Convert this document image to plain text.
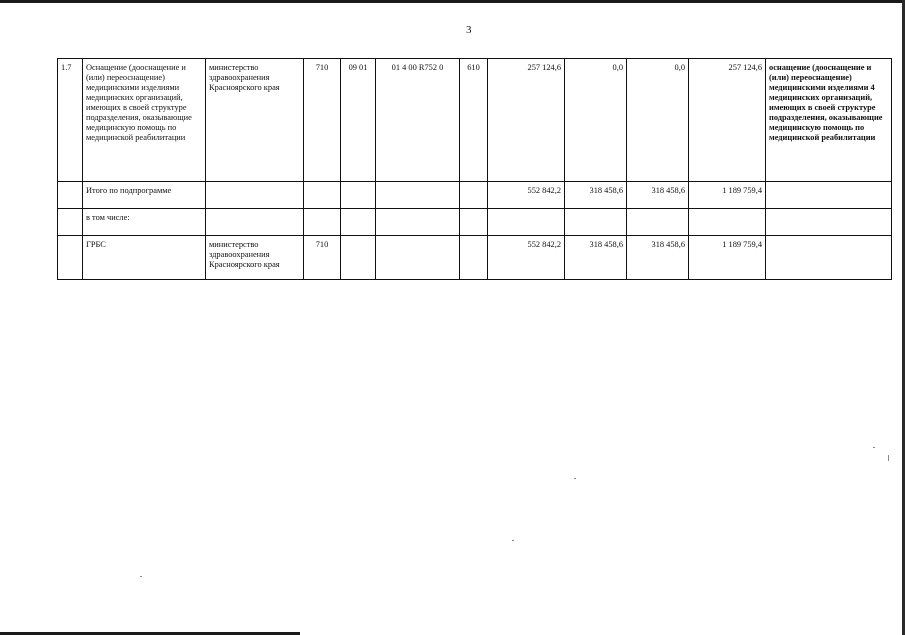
3
1.7	Оснащение (дооснащение и (или) переоснащение) медицинскими изделиями медицинских организаций, имеющих в своей структуре подразделения, оказывающие медицинскую помощь по медицинской реабилитации	министерство здравоохранения Красноярского края	710	09 01	01 4 00 R752 0	610	257 124,6	0,0	0,0	257 124,6	оснащение (дооснащение и (или) переоснащение) медицинскими изделиями 4 медицинских организаций, имеющих в своей структуре подразделения, оказывающие медицинскую помощь по медицинской реабилитации
	Итого по подпрограмме						552 842,2	318 458,6	318 458,6	1 189 759,4	
	в том числе:										
	ГРБС	министерство здравоохранения Красноярского края	710				552 842,2	318 458,6	318 458,6	1 189 759,4	
